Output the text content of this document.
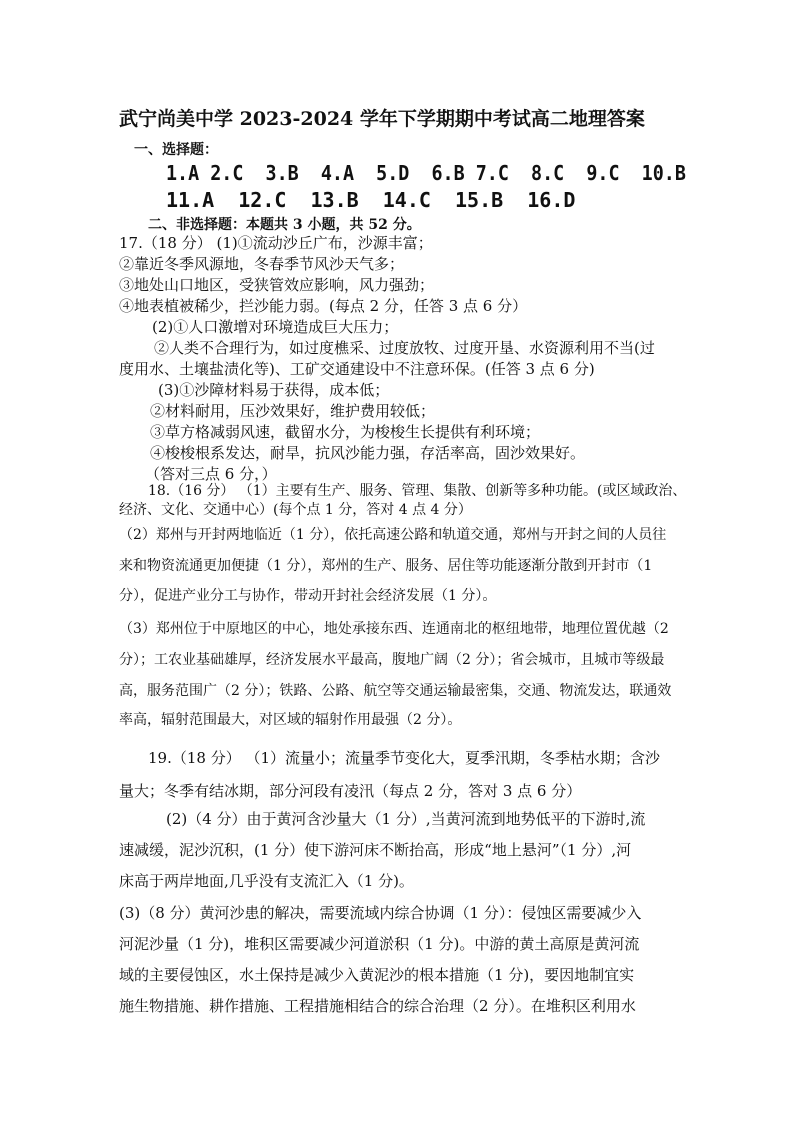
武宁尚美中学 2023-2024 学年下学期期中考试高二地理答案
一、选择题：
1.A 2.C  3.B  4.A  5.D  6.B 7.C  8.C  9.C  10.B
11.A  12.C  13.B  14.C  15.B  16.D
二、非选择题：本题共 3 小题，共 52 分。
17.（18 分） (1)①流动沙丘广布，沙源丰富；
②靠近冬季风源地，冬春季节风沙天气多；
③地处山口地区，受狭管效应影响，风力强劲；
④地表植被稀少，拦沙能力弱。(每点 2 分，任答 3 点 6 分）
(2)①人口激增对环境造成巨大压力；
②人类不合理行为，如过度樵采、过度放牧、过度开垦、水资源利用不当(过
度用水、土壤盐渍化等)、工矿交通建设中不注意环保。(任答 3 点 6 分)
(3)①沙障材料易于获得，成本低；
②材料耐用，压沙效果好，维护费用较低；
③草方格减弱风速，截留水分，为梭梭生长提供有利环境；
④梭梭根系发达，耐旱，抗风沙能力强，存活率高，固沙效果好。
（答对三点 6 分，）
18.（16 分） （1）主要有生产、服务、管理、集散、创新等多种功能。(或区域政治、
经济、文化、交通中心）(每个点 1 分，答对 4 点 4 分）
（2）郑州与开封两地临近（1 分），依托高速公路和轨道交通，郑州与开封之间的人员往
来和物资流通更加便捷（1 分），郑州的生产、服务、居住等功能逐渐分散到开封市（1
分），促进产业分工与协作，带动开封社会经济发展（1 分）。
（3）郑州位于中原地区的中心，地处承接东西、连通南北的枢纽地带，地理位置优越（2
分）；工农业基础雄厚，经济发展水平最高，腹地广阔（2 分）；省会城市，且城市等级最
高，服务范围广（2 分）；铁路、公路、航空等交通运输最密集，交通、物流发达，联通效
率高，辐射范围最大，对区域的辐射作用最强（2 分）。
19.（18 分） （1）流量小；流量季节变化大，夏季汛期，冬季枯水期；含沙
量大；冬季有结冰期，部分河段有凌汛（每点 2 分，答对 3 点 6 分）
(2)（4 分）由于黄河含沙量大（1 分）,当黄河流到地势低平的下游时,流
速减缓，泥沙沉积，(1 分）使下游河床不断抬高，形成“地上悬河”（1 分）,河
床高于两岸地面,几乎没有支流汇入（1 分)。
(3)（8 分）黄河沙患的解决，需要流域内综合协调（1 分）：侵蚀区需要减少入
河泥沙量（1 分)，堆积区需要减少河道淤积（1 分)。中游的黄土高原是黄河流
域的主要侵蚀区，水土保持是减少入黄泥沙的根本措施（1 分)，要因地制宜实
施生物措施、耕作措施、工程措施相结合的综合治理（2 分）。在堆积区利用水
